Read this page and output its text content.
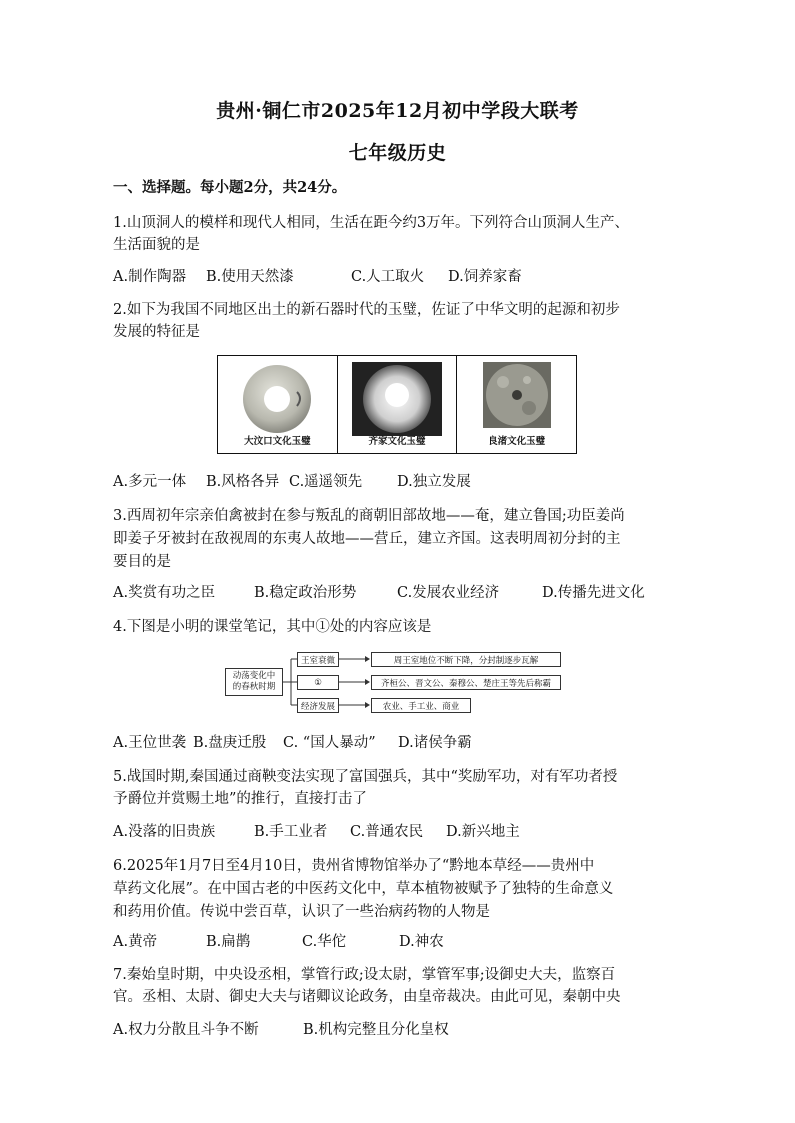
贵州·铜仁市2025年12月初中学段大联考
七年级历史
一、选择题。每小题2分，共24分。
1.山顶洞人的模样和现代人相同，生活在距今约3万年。下列符合山顶洞人生产、
生活面貌的是
A.制作陶器 B.使用天然漆	C.人工取火 D.饲养家畜
2.如下为我国不同地区出土的新石器时代的玉璧，佐证了中华文明的起源和初步
发展的特征是
大汶口文化玉璧	齐家文化玉璧	良渚文化玉璧
A.多元一体 B.风格各异 C.遥遥领先 D.独立发展
3.西周初年宗亲伯禽被封在参与叛乱的商朝旧部故地——奄，建立鲁国;功臣姜尚
即姜子牙被封在敌视周的东夷人故地——营丘，建立齐国。这表明周初分封的主
要目的是
A.奖赏有功之臣	B.稳定政治形势	C.发展农业经济	D.传播先进文化
4.下图是小明的课堂笔记，其中①处的内容应该是
动荡变化中的春秋时期
王室衰微
①
经济发展
周王室地位不断下降，分封制逐步瓦解
齐桓公、晋文公、秦穆公、楚庄王等先后称霸
农业、手工业、商业
A.王位世袭 B.盘庚迁殷 C. “国人暴动” D.诸侯争霸
5.战国时期,秦国通过商鞅变法实现了富国强兵，其中“奖励军功，对有军功者授
予爵位并赏赐土地”的推行，直接打击了
A.没落的旧贵族	B.手工业者 C.普通农民 D.新兴地主
6.2025年1月7日至4月10日，贵州省博物馆举办了“黔地本草经——贵州中
草药文化展”。在中国古老的中医药文化中，草本植物被赋予了独特的生命意义
和药用价值。传说中尝百草，认识了一些治病药物的人物是
A.黄帝	B.扁鹊	C.华佗	D.神农
7.秦始皇时期，中央设丞相，掌管行政;设太尉，掌管军事;设御史大夫，监察百
官。丞相、太尉、御史大夫与诸卿议论政务，由皇帝裁决。由此可见，秦朝中央
A.权力分散且斗争不断	B.机构完整且分化皇权
